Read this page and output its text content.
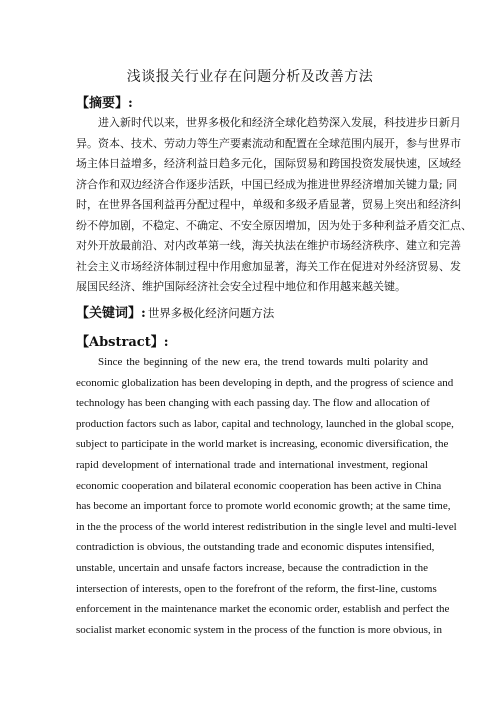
浅谈报关行业存在问题分析及改善方法
【摘要】:
进入新时代以来，世界多极化和经济全球化趋势深入发展，科技进步日新月
异。资本、技术、劳动力等生产要素流动和配置在全球范围内展开，参与世界市
场主体日益增多，经济利益日趋多元化，国际贸易和跨国投资发展快速，区域经
济合作和双边经济合作逐步活跃，中国已经成为推进世界经济增加关键力量; 同
时，在世界各国利益再分配过程中，单级和多级矛盾显著，贸易上突出和经济纠
纷不停加剧，不稳定、不确定、不安全原因增加，因为处于多种利益矛盾交汇点、
对外开放最前沿、对内改革第一线，海关执法在维护市场经济秩序、建立和完善
社会主义市场经济体制过程中作用愈加显著，海关工作在促进对外经济贸易、发
展国民经济、维护国际经济社会安全过程中地位和作用越来越关键。
【关键词】: 世界多极化经济问题方法
【Abstract】:
Since the beginning of the new era, the trend towards multi polarity and
economic globalization has been developing in depth, and the progress of science and
technology has been changing with each passing day. The flow and allocation of
production factors such as labor, capital and technology, launched in the global scope,
subject to participate in the world market is increasing, economic diversification, the
rapid development of international trade and international investment, regional
economic cooperation and bilateral economic cooperation has been active in China
has become an important force to promote world economic growth; at the same time,
in the the process of the world interest redistribution in the single level and multi-level
contradiction is obvious, the outstanding trade and economic disputes intensified,
unstable, uncertain and unsafe factors increase, because the contradiction in the
intersection of interests, open to the forefront of the reform, the first-line, customs
enforcement in the maintenance market the economic order, establish and perfect the
socialist market economic system in the process of the function is more obvious, in
